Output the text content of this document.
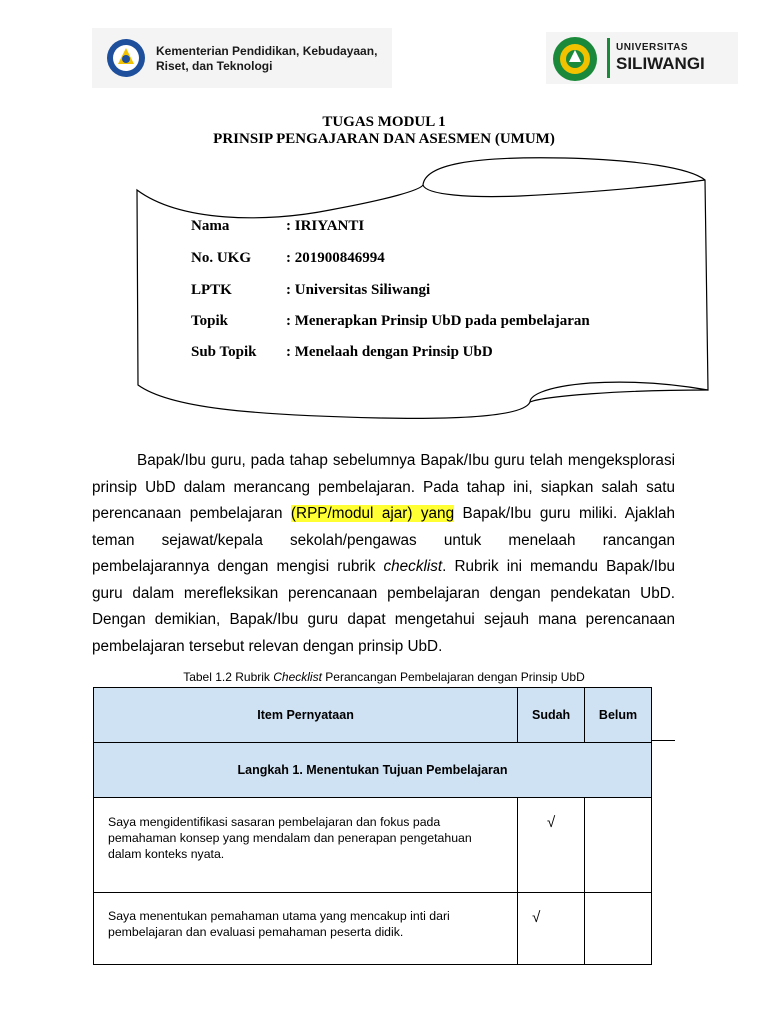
Kementerian Pendidikan, Kebudayaan,
Riset, dan Teknologi
UNIVERSITAS
SILIWANGI
TUGAS MODUL 1
PRINSIP PENGAJARAN DAN ASESMEN (UMUM)
Nama	: IRIYANTI
No. UKG : 201900846994
LPTK	: Universitas Siliwangi
Topik	: Menerapkan Prinsip UbD pada pembelajaran
Sub Topik : Menelaah dengan Prinsip UbD

Bapak/Ibu guru, pada tahap sebelumnya Bapak/Ibu guru telah mengeksplorasi prinsip UbD dalam merancang pembelajaran. Pada tahap ini, siapkan salah satu perencanaan pembelajaran (RPP/modul ajar) yang Bapak/Ibu guru miliki. Ajaklah teman sejawat/kepala sekolah/pengawas untuk menelaah rancangan pembelajarannya dengan mengisi rubrik checklist. Rubrik ini memandu Bapak/Ibu guru dalam merefleksikan perencanaan pembelajaran dengan pendekatan UbD. Dengan demikian, Bapak/Ibu guru dapat mengetahui sejauh mana perencanaan pembelajaran tersebut relevan dengan prinsip UbD.

Tabel 1.2 Rubrik Checklist Perancangan Pembelajaran dengan Prinsip UbD
Item Pernyataan	Sudah	Belum
Langkah 1. Menentukan Tujuan Pembelajaran		
Saya mengidentifikasi sasaran pembelajaran dan fokus pada pemahaman konsep yang mendalam dan penerapan pengetahuan dalam konteks nyata.	√	
Saya menentukan pemahaman utama yang mencakup inti dari pembelajaran dan evaluasi pemahaman peserta didik.	√	
